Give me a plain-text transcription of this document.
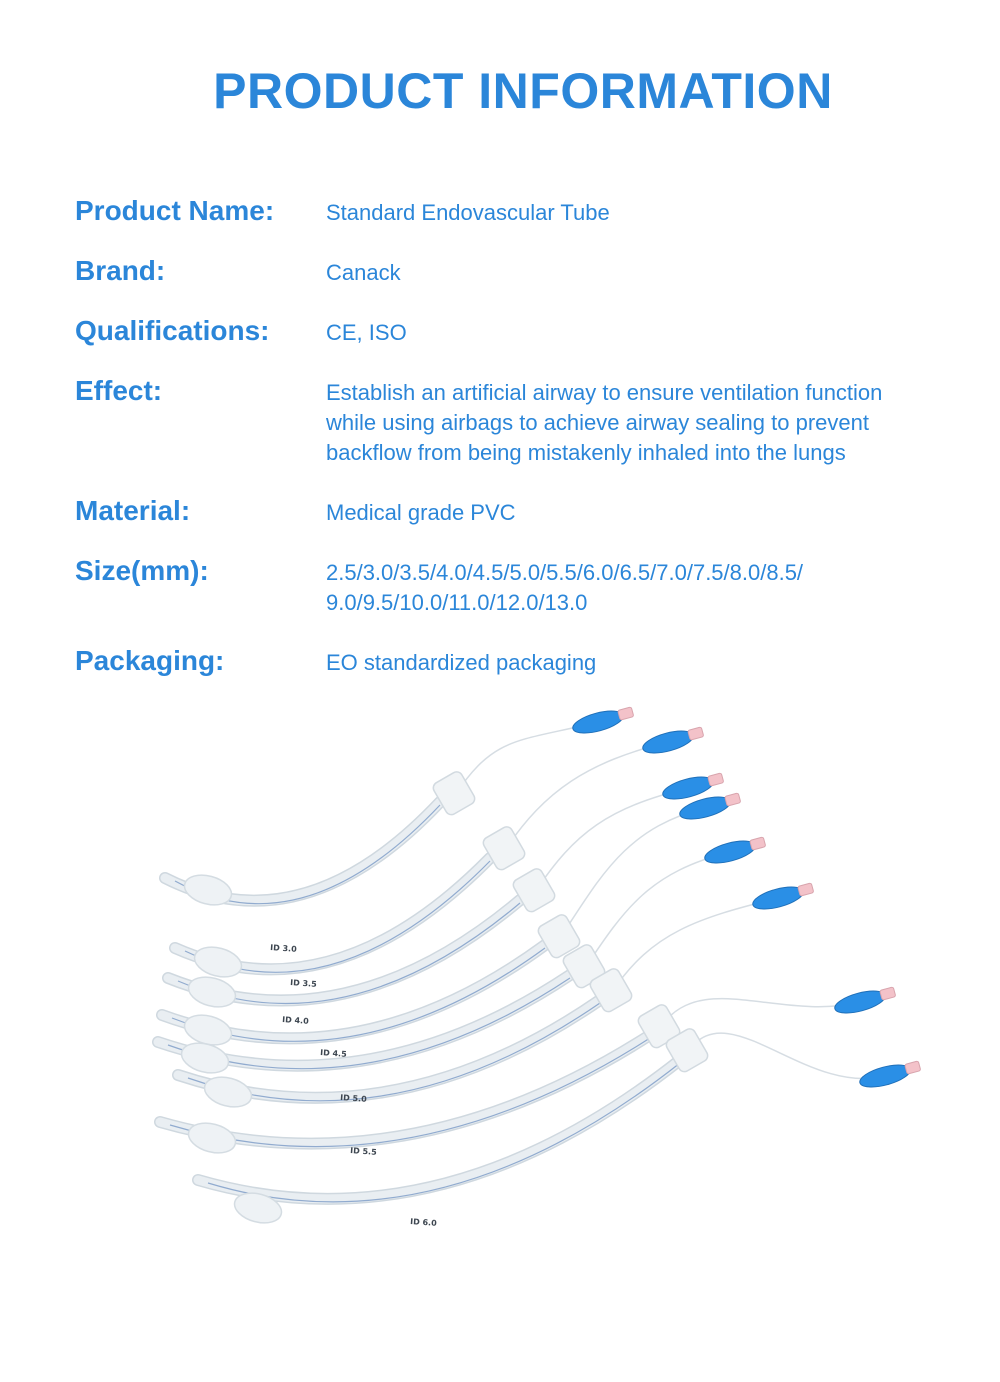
PRODUCT INFORMATION
Product Name:	Standard Endovascular Tube
Brand:	Canack
Qualifications:	CE, ISO
Effect:	Establish an artificial airway to ensure ventilation function
while using airbags to achieve airway sealing to prevent
backflow from being mistakenly inhaled into the lungs
Material:	Medical grade PVC
Size(mm):	2.5/3.0/3.5/4.0/4.5/5.0/5.5/6.0/6.5/7.0/7.5/8.0/8.5/
9.0/9.5/10.0/11.0/12.0/13.0
Packaging:	EO standardized packaging
ID 3.0
ID 3.5
ID 4.0
ID 4.5
ID 5.0
ID 5.5
ID 6.0
